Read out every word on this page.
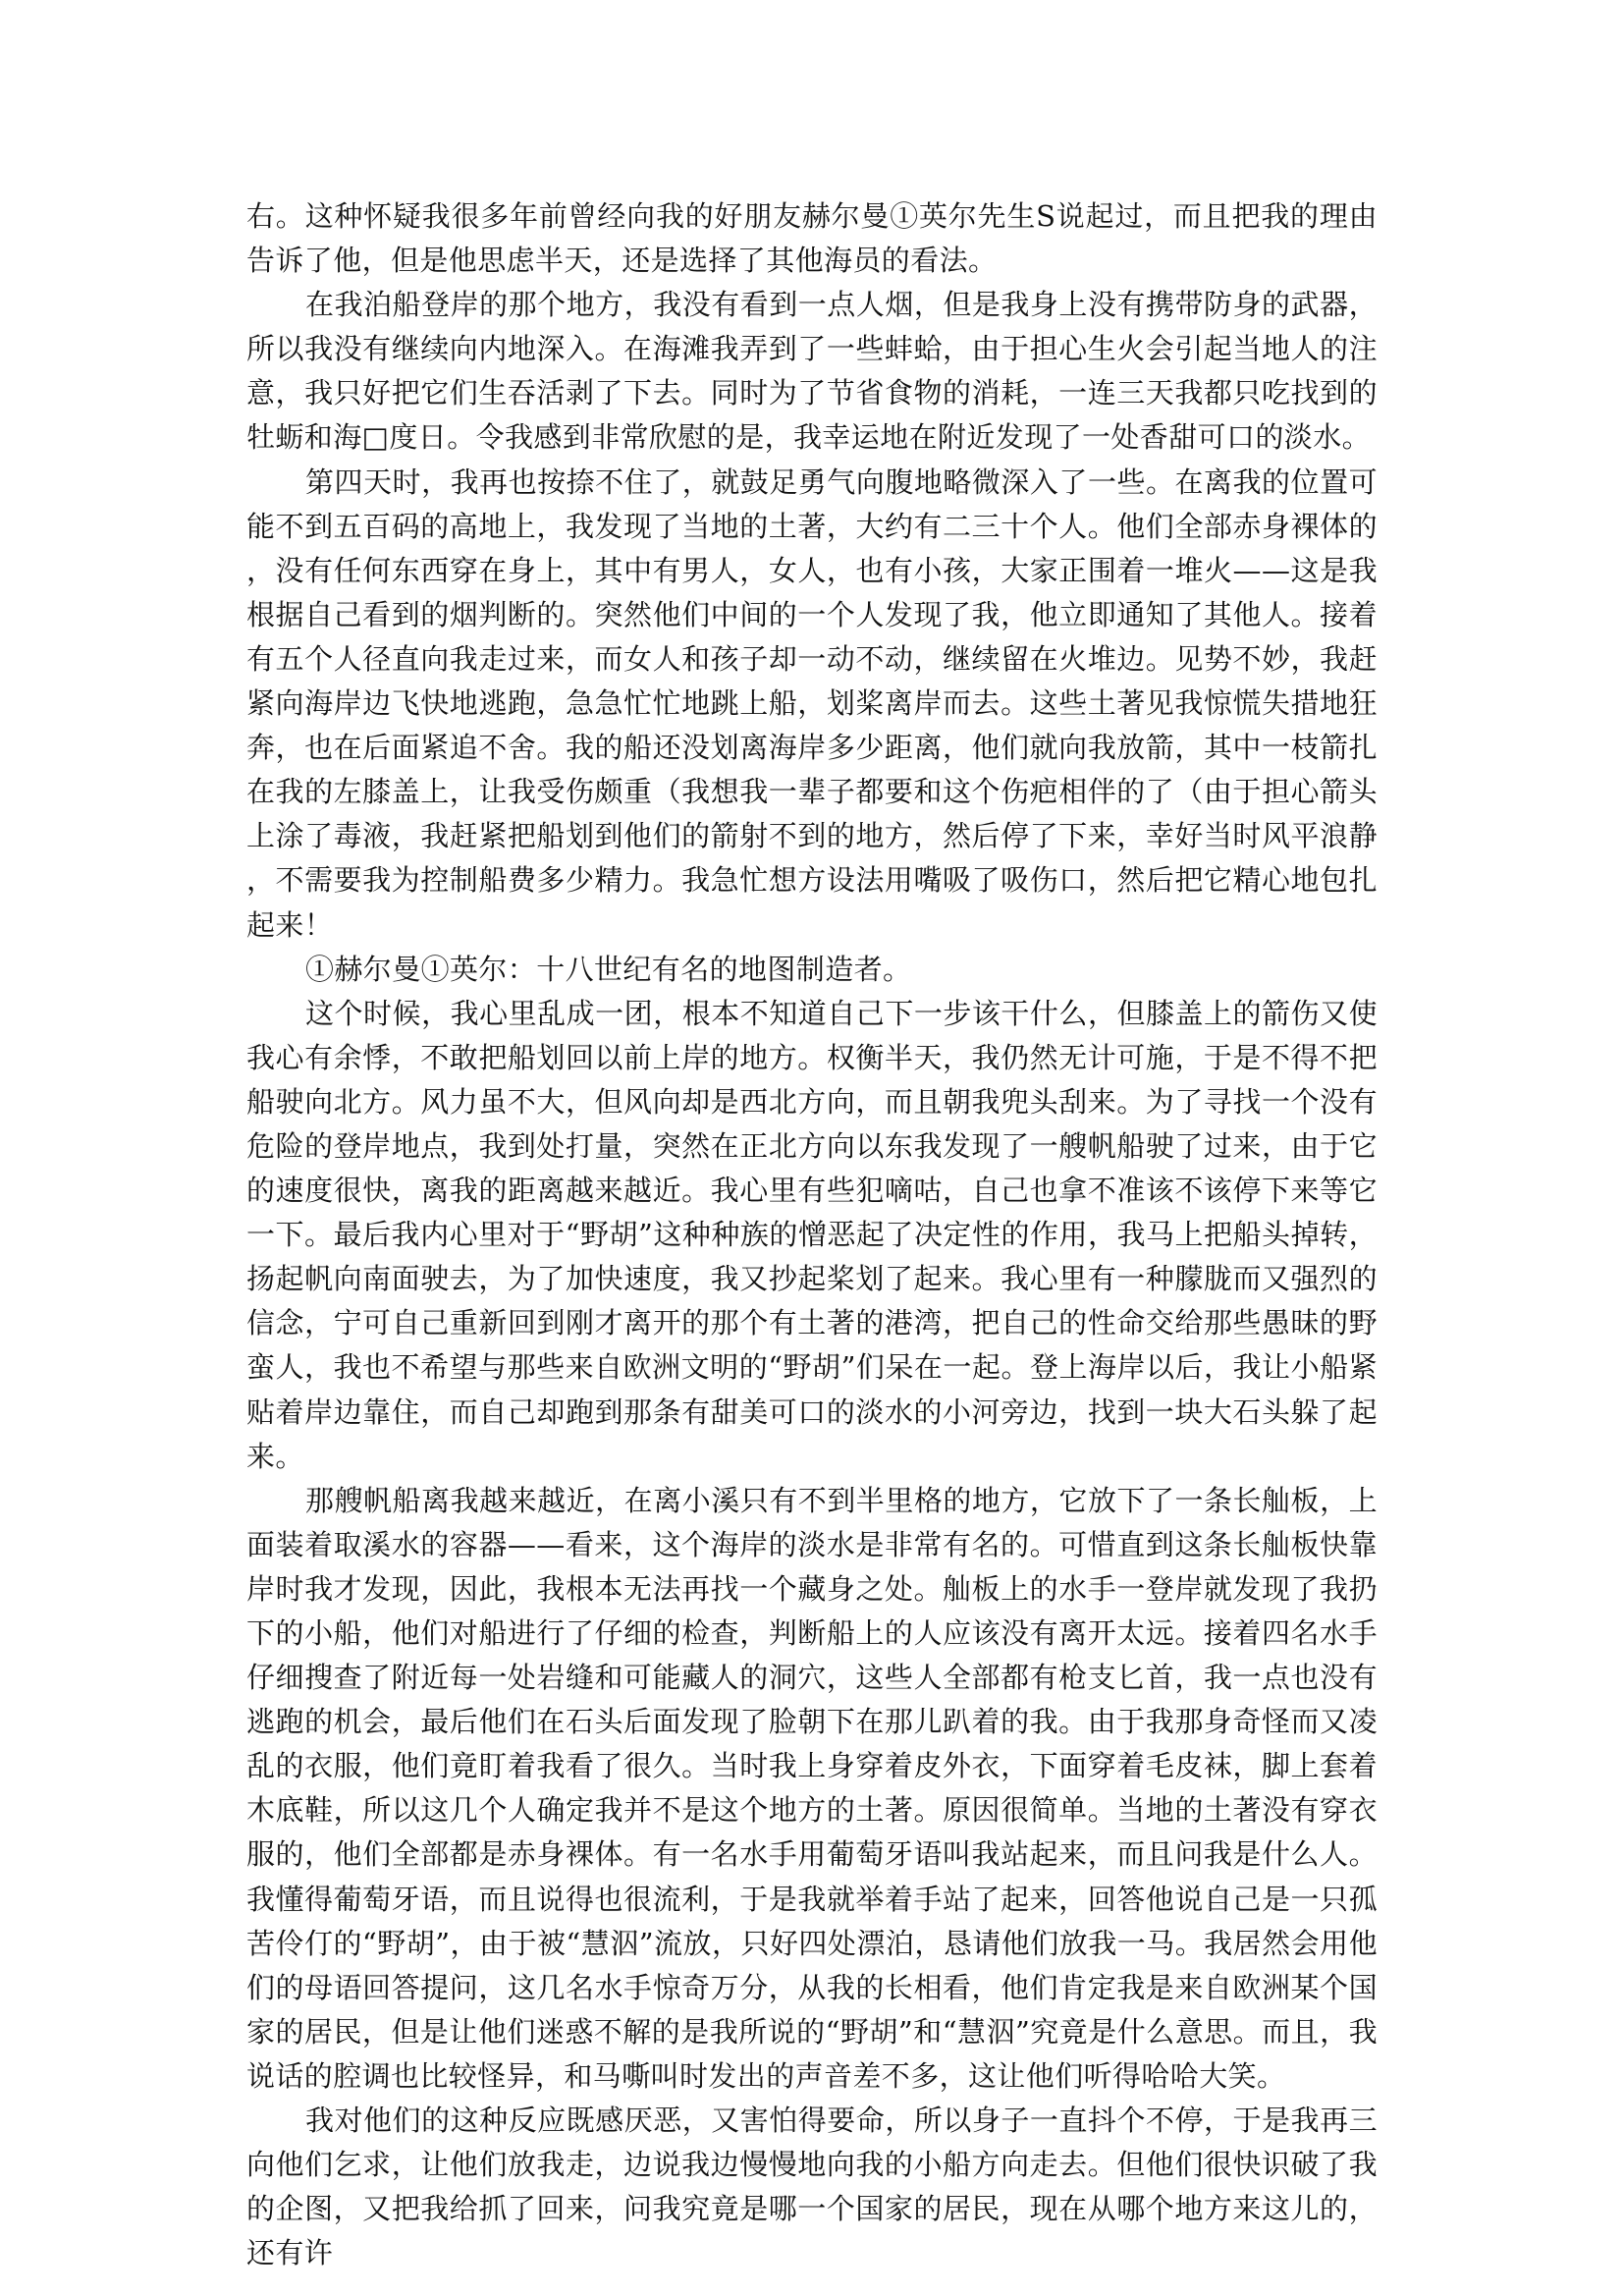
右。这种怀疑我很多年前曾经向我的好朋友赫尔曼①英尔先生S说起过，而且把我的理由告诉了他，但是他思虑半天，还是选择了其他海员的看法。

在我泊船登岸的那个地方，我没有看到一点人烟，但是我身上没有携带防身的武器，所以我没有继续向内地深入。在海滩我弄到了一些蚌蛤，由于担心生火会引起当地人的注意，我只好把它们生吞活剥了下去。同时为了节省食物的消耗，一连三天我都只吃找到的牡蛎和海□度日。令我感到非常欣慰的是，我幸运地在附近发现了一处香甜可口的淡水。

第四天时，我再也按捺不住了，就鼓足勇气向腹地略微深入了一些。在离我的位置可能不到五百码的高地上，我发现了当地的土著，大约有二三十个人。他们全部赤身裸体的，没有任何东西穿在身上，其中有男人，女人，也有小孩，大家正围着一堆火——这是我根据自己看到的烟判断的。突然他们中间的一个人发现了我，他立即通知了其他人。接着有五个人径直向我走过来，而女人和孩子却一动不动，继续留在火堆边。见势不妙，我赶紧向海岸边飞快地逃跑，急急忙忙地跳上船，划桨离岸而去。这些土著见我惊慌失措地狂奔，也在后面紧追不舍。我的船还没划离海岸多少距离，他们就向我放箭，其中一枝箭扎在我的左膝盖上，让我受伤颇重（我想我一辈子都要和这个伤疤相伴的了（由于担心箭头上涂了毒液，我赶紧把船划到他们的箭射不到的地方，然后停了下来，幸好当时风平浪静，不需要我为控制船费多少精力。我急忙想方设法用嘴吸了吸伤口，然后把它精心地包扎起来！

①赫尔曼①英尔：十八世纪有名的地图制造者。

这个时候，我心里乱成一团，根本不知道自己下一步该干什么，但膝盖上的箭伤又使我心有余悸，不敢把船划回以前上岸的地方。权衡半天，我仍然无计可施，于是不得不把船驶向北方。风力虽不大，但风向却是西北方向，而且朝我兜头刮来。为了寻找一个没有危险的登岸地点，我到处打量，突然在正北方向以东我发现了一艘帆船驶了过来，由于它的速度很快，离我的距离越来越近。我心里有些犯嘀咕，自己也拿不准该不该停下来等它一下。最后我内心里对于“野胡”这种种族的憎恶起了决定性的作用，我马上把船头掉转，扬起帆向南面驶去，为了加快速度，我又抄起桨划了起来。我心里有一种朦胧而又强烈的信念，宁可自己重新回到刚才离开的那个有土著的港湾，把自己的性命交给那些愚昧的野蛮人，我也不希望与那些来自欧洲文明的“野胡”们呆在一起。登上海岸以后，我让小船紧贴着岸边靠住，而自己却跑到那条有甜美可口的淡水的小河旁边，找到一块大石头躲了起来。

那艘帆船离我越来越近，在离小溪只有不到半里格的地方，它放下了一条长舢板，上面装着取溪水的容器——看来，这个海岸的淡水是非常有名的。可惜直到这条长舢板快靠岸时我才发现，因此，我根本无法再找一个藏身之处。舢板上的水手一登岸就发现了我扔下的小船，他们对船进行了仔细的检查，判断船上的人应该没有离开太远。接着四名水手仔细搜查了附近每一处岩缝和可能藏人的洞穴，这些人全部都有枪支匕首，我一点也没有逃跑的机会，最后他们在石头后面发现了脸朝下在那儿趴着的我。由于我那身奇怪而又凌乱的衣服，他们竟盯着我看了很久。当时我上身穿着皮外衣，下面穿着毛皮袜，脚上套着木底鞋，所以这几个人确定我并不是这个地方的土著。原因很简单。当地的土著没有穿衣服的，他们全部都是赤身裸体。有一名水手用葡萄牙语叫我站起来，而且问我是什么人。我懂得葡萄牙语，而且说得也很流利，于是我就举着手站了起来，回答他说自己是一只孤苦伶仃的“野胡”，由于被“慧泅”流放，只好四处漂泊，恳请他们放我一马。我居然会用他们的母语回答提问，这几名水手惊奇万分，从我的长相看，他们肯定我是来自欧洲某个国家的居民，但是让他们迷惑不解的是我所说的“野胡”和“慧泅”究竟是什么意思。而且，我说话的腔调也比较怪异，和马嘶叫时发出的声音差不多，这让他们听得哈哈大笑。

我对他们的这种反应既感厌恶，又害怕得要命，所以身子一直抖个不停，于是我再三向他们乞求，让他们放我走，边说我边慢慢地向我的小船方向走去。但他们很快识破了我的企图，又把我给抓了回来，问我究竟是哪一个国家的居民，现在从哪个地方来这儿的，还有许
